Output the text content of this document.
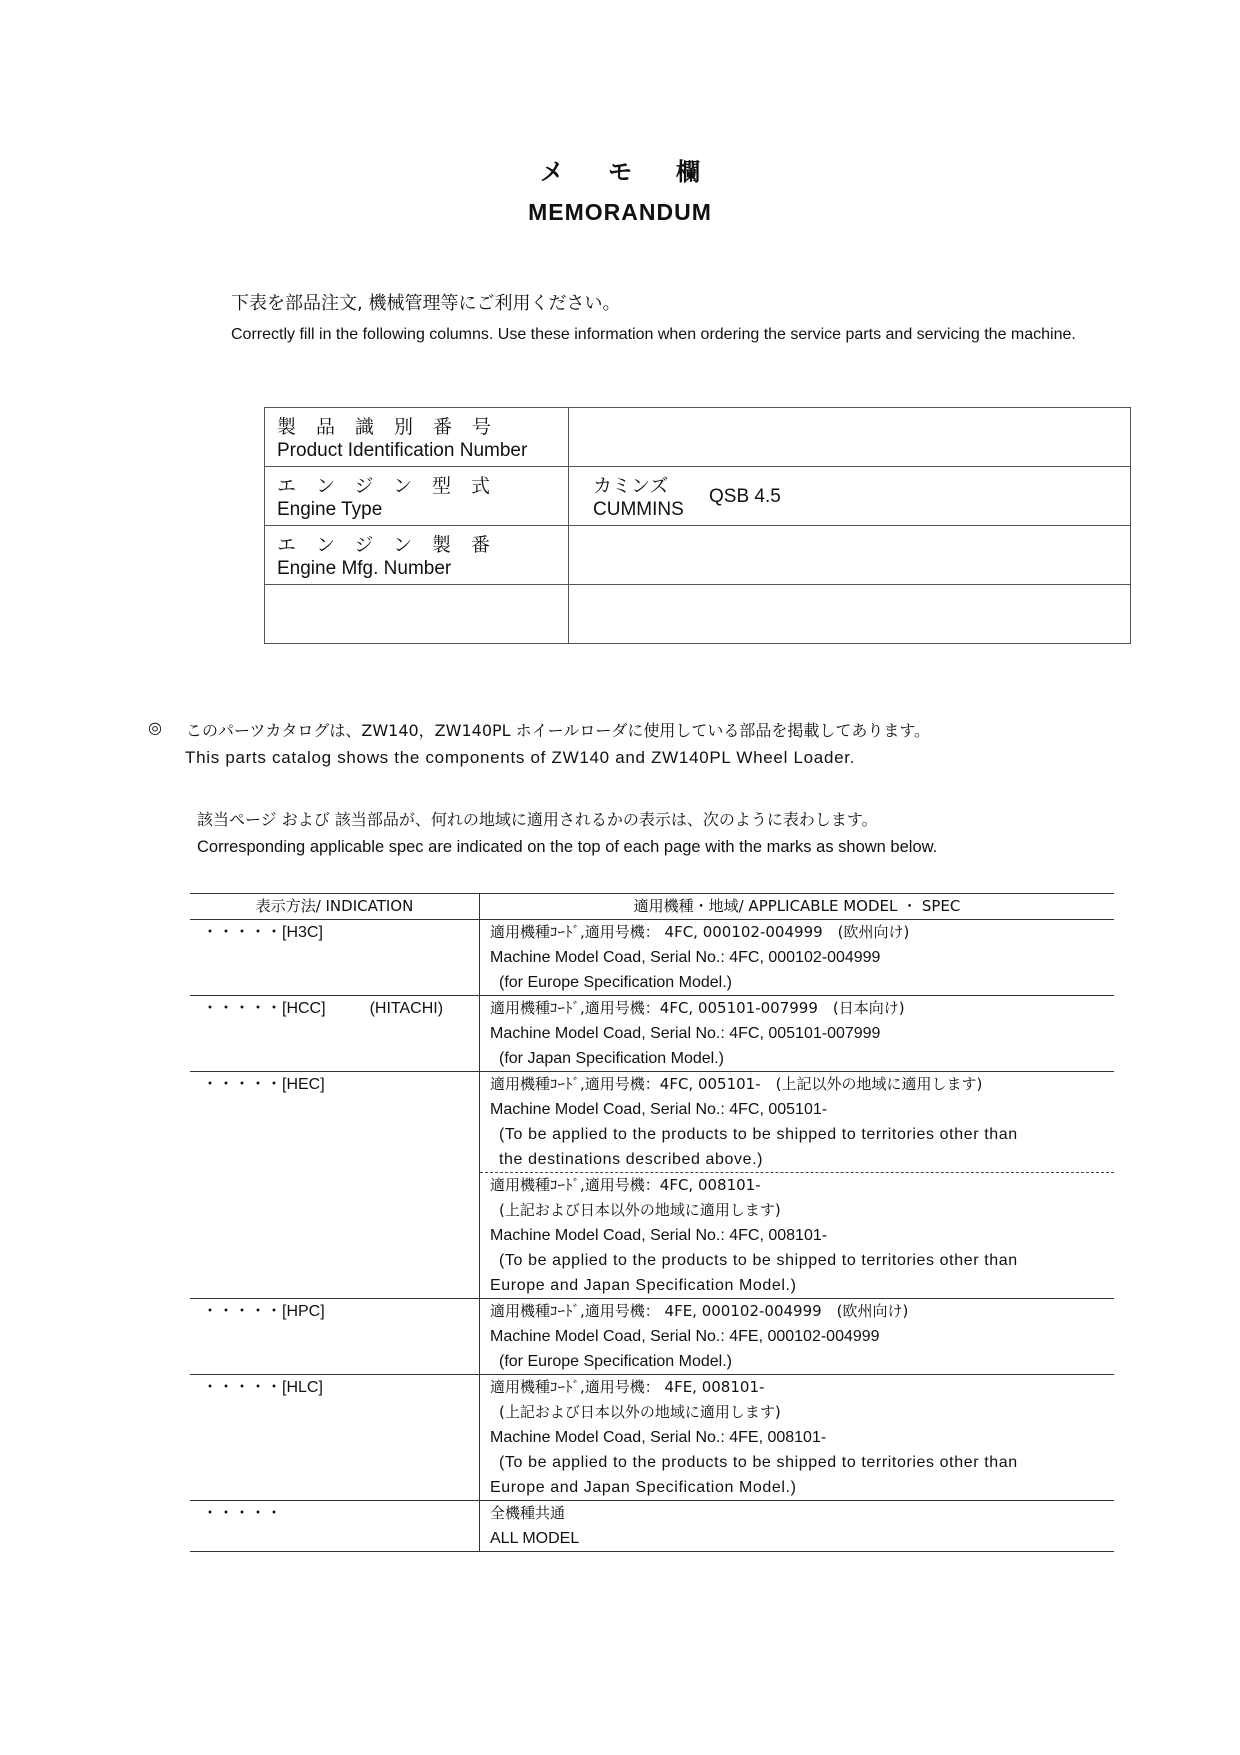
メモ欄
MEMORANDUM
下表を部品注文, 機械管理等にご利用ください。
Correctly fill in the following columns. Use these information when ordering the service parts and servicing the machine.
製品識別番号
Product Identification Number	

エンジン型式
Engine Type	カミンズ
CUMMINS
QSB 4.5

エンジン製番
Engine Mfg. Number	

◎ このパーツカタログは、ZW140，ZW140PL ホイールローダに使用している部品を掲載してあります。
This parts catalog shows the components of ZW140 and ZW140PL Wheel Loader.
該当ページ および 該当部品が、何れの地域に適用されるかの表示は、次のように表わします。
Corresponding applicable spec are indicated on the top of each page with the marks as shown below.
表示方法/ INDICATION	適用機種・地域/ APPLICABLE MODEL ・ SPEC
・・・・・[H3C]	適用機種ｺｰﾄﾞ,適用号機： 4FC, 000102-004999　(欧州向け)
Machine Model Coad, Serial No.: 4FC, 000102-004999
(for Europe Specification Model.)

・・・・・[HCC] (HITACHI)	適用機種ｺｰﾄﾞ,適用号機：4FC, 005101-007999　(日本向け)
Machine Model Coad, Serial No.: 4FC, 005101-007999
(for Japan Specification Model.)

・・・・・[HEC]	適用機種ｺｰﾄﾞ,適用号機：4FC, 005101-　(上記以外の地域に適用します)
Machine Model Coad, Serial No.: 4FC, 005101-
(To be applied to the products to be shipped to territories other than
the destinations described above.)

	適用機種ｺｰﾄﾞ,適用号機：4FC, 008101-
(上記および日本以外の地域に適用します)
Machine Model Coad, Serial No.: 4FC, 008101-
(To be applied to the products to be shipped to territories other than
Europe and Japan Specification Model.)

・・・・・[HPC]	適用機種ｺｰﾄﾞ,適用号機： 4FE, 000102-004999　(欧州向け)
Machine Model Coad, Serial No.: 4FE, 000102-004999
(for Europe Specification Model.)

・・・・・[HLC]	適用機種ｺｰﾄﾞ,適用号機： 4FE, 008101-
(上記および日本以外の地域に適用します)
Machine Model Coad, Serial No.: 4FE, 008101-
(To be applied to the products to be shipped to territories other than
Europe and Japan Specification Model.)

・・・・・	全機種共通
ALL MODEL
